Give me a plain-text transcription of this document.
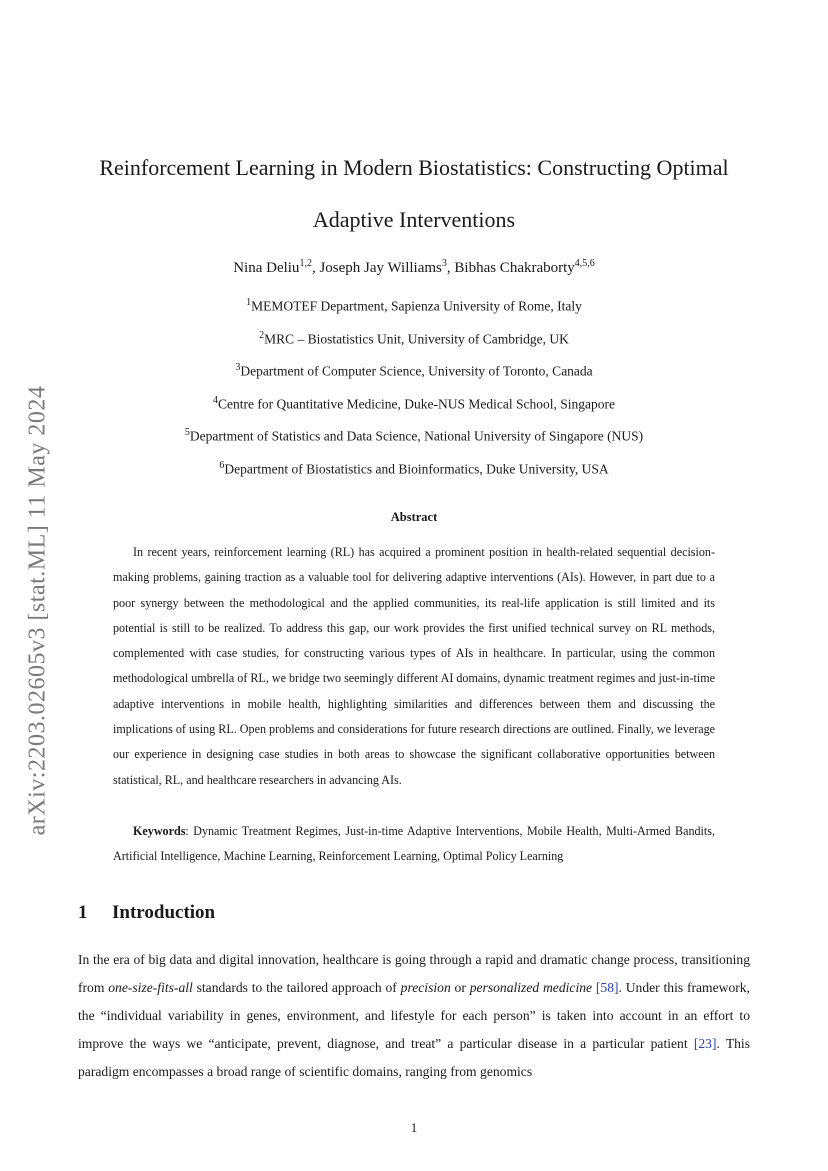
arXiv:2203.02605v3 [stat.ML] 11 May 2024
Reinforcement Learning in Modern Biostatistics: Constructing Optimal Adaptive Interventions
Nina Deliu$^{1,2}$, Joseph Jay Williams$^3$, Bibhas Chakraborty$^{4,5,6}$
$^1$MEMOTEF Department, Sapienza University of Rome, Italy
$^2$MRC – Biostatistics Unit, University of Cambridge, UK
$^3$Department of Computer Science, University of Toronto, Canada
$^4$Centre for Quantitative Medicine, Duke-NUS Medical School, Singapore
$^5$Department of Statistics and Data Science, National University of Singapore (NUS)
$^6$Department of Biostatistics and Bioinformatics, Duke University, USA
Abstract

In recent years, reinforcement learning (RL) has acquired a prominent position in health-related sequential decision-making problems, gaining traction as a valuable tool for delivering adaptive interventions (AIs). However, in part due to a poor synergy between the methodological and the applied communities, its real-life application is still limited and its potential is still to be realized. To address this gap, our work provides the first unified technical survey on RL methods, complemented with case studies, for constructing various types of AIs in healthcare. In particular, using the common methodological umbrella of RL, we bridge two seemingly different AI domains, dynamic treatment regimes and just-in-time adaptive interventions in mobile health, highlighting similarities and differences between them and discussing the implications of using RL. Open problems and considerations for future research directions are outlined. Finally, we leverage our experience in designing case studies in both areas to showcase the significant collaborative opportunities between statistical, RL, and healthcare researchers in advancing AIs.

Keywords: Dynamic Treatment Regimes, Just-in-time Adaptive Interventions, Mobile Health, Multi-Armed Bandits, Artificial Intelligence, Machine Learning, Reinforcement Learning, Optimal Policy Learning

1 Introduction

In the era of big data and digital innovation, healthcare is going through a rapid and dramatic change process, transitioning from one-size-fits-all standards to the tailored approach of precision or personalized medicine [58]. Under this framework, the “individual variability in genes, environment, and lifestyle for each person” is taken into account in an effort to improve the ways we “anticipate, prevent, diagnose, and treat” a particular disease in a particular patient [23]. This paradigm encompasses a broad range of scientific domains, ranging from genomics

1
